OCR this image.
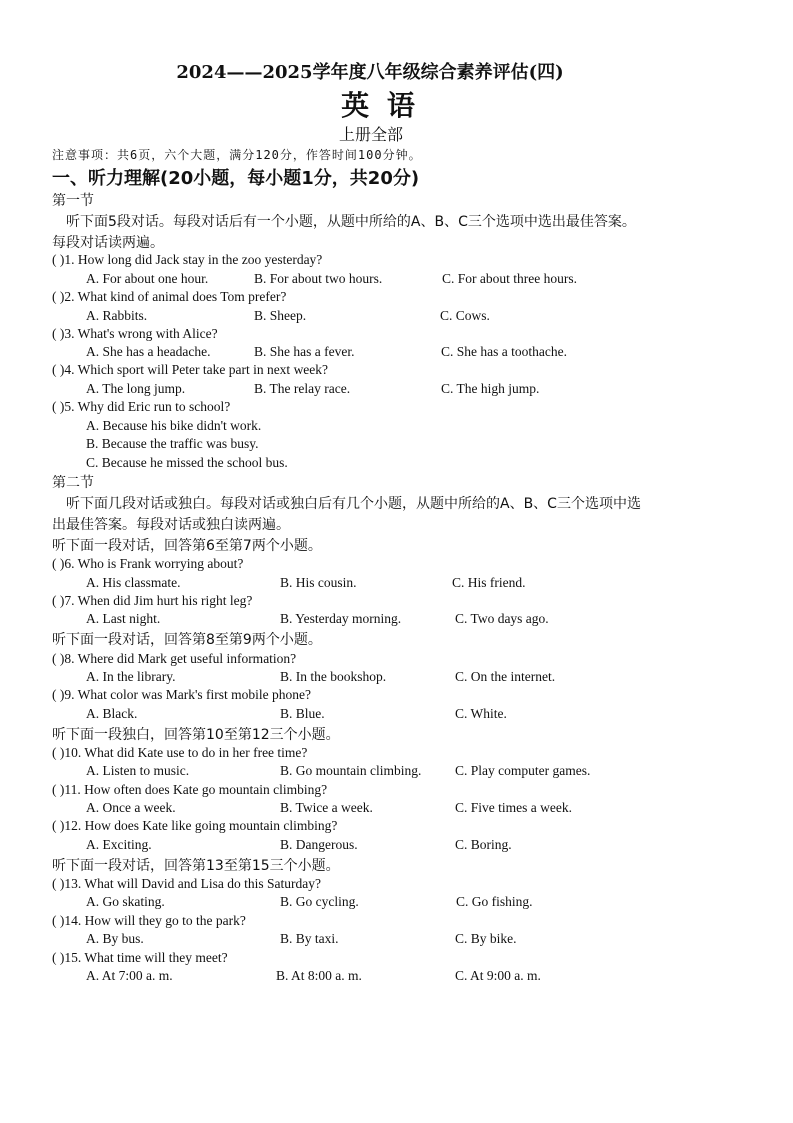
2024——2025学年度八年级综合素养评估(四)
英 语
上册全部
注意事项：共6页，六个大题，满分120分，作答时间100分钟。
一、听力理解(20小题，每小题1分，共20分)
第一节
听下面5段对话。每段对话后有一个小题，从题中所给的A、B、C三个选项中选出最佳答案。
每段对话读两遍。
( )1. How long did Jack stay in the zoo yesterday?
A. For about one hour.	B. For about two hours.	C. For about three hours.
( )2. What kind of animal does Tom prefer?
A. Rabbits.	B. Sheep.	C. Cows.
( )3. What's wrong with Alice?
A. She has a headache.	B. She has a fever.	C. She has a toothache.
( )4. Which sport will Peter take part in next week?
A. The long jump.	B. The relay race.	C. The high jump.
( )5. Why did Eric run to school?
A. Because his bike didn't work.
B. Because the traffic was busy.
C. Because he missed the school bus.
第二节
听下面几段对话或独白。每段对话或独白后有几个小题，从题中所给的A、B、C三个选项中选
出最佳答案。每段对话或独白读两遍。
听下面一段对话，回答第6至第7两个小题。
( )6. Who is Frank worrying about?
A. His classmate.	B. His cousin.	C. His friend.
( )7. When did Jim hurt his right leg?
A. Last night.	B. Yesterday morning.	C. Two days ago.
听下面一段对话，回答第8至第9两个小题。
( )8. Where did Mark get useful information?
A. In the library.	B. In the bookshop.	C. On the internet.
( )9. What color was Mark's first mobile phone?
A. Black.	B. Blue.	C. White.
听下面一段独白，回答第10至第12三个小题。
( )10. What did Kate use to do in her free time?
A. Listen to music.	B. Go mountain climbing. C. Play computer games.
( )11. How often does Kate go mountain climbing?
A. Once a week.	B. Twice a week.	C. Five times a week.
( )12. How does Kate like going mountain climbing?
A. Exciting.	B. Dangerous.	C. Boring.
听下面一段对话，回答第13至第15三个小题。
( )13. What will David and Lisa do this Saturday?
A. Go skating.	B. Go cycling.	C. Go fishing.
( )14. How will they go to the park?
A. By bus.	B. By taxi.	C. By bike.
( )15. What time will they meet?
A. At 7:00 a. m.	B. At 8:00 a. m.	C. At 9:00 a. m.
